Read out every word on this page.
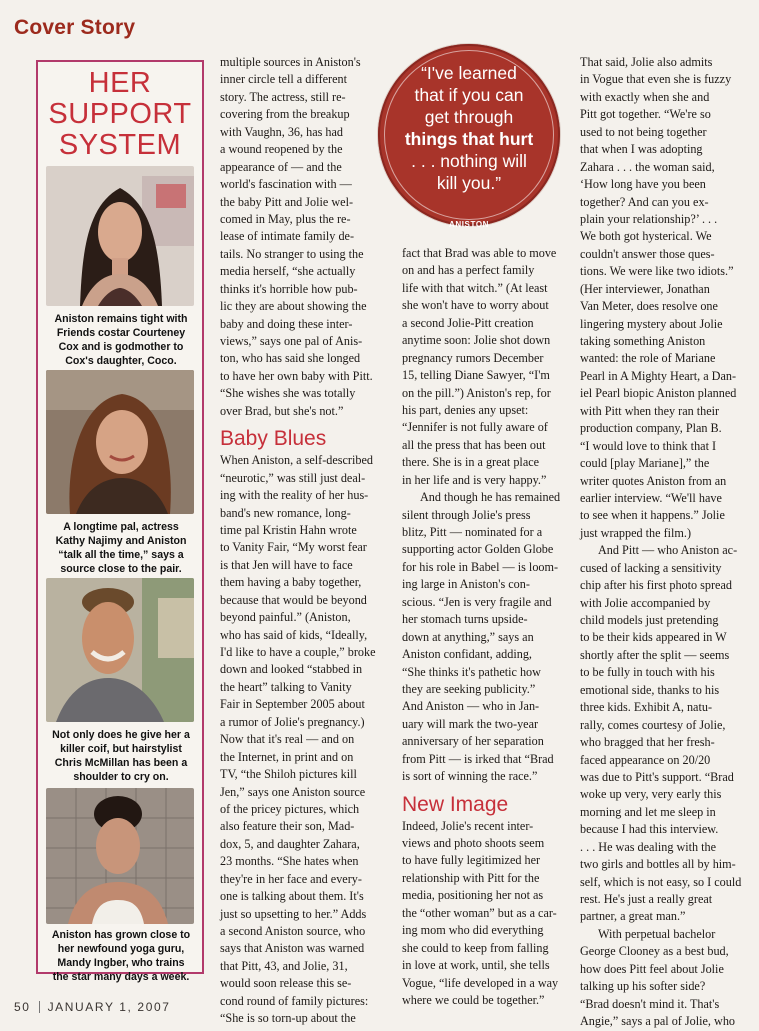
Cover Story
HER
SUPPORT
SYSTEM
Aniston remains tight with
Friends costar Courteney
Cox and is godmother to
Cox's daughter, Coco.
A longtime pal, actress
Kathy Najimy and Aniston
“talk all the time,” says a
source close to the pair.
Not only does he give her a
killer coif, but hairstylist
Chris McMillan has been a
shoulder to cry on.
Aniston has grown close to
her newfound yoga guru,
Mandy Ingber, who trains
the star many days a week.
multiple sources in Aniston's
inner circle tell a different
story. The actress, still re-
covering from the breakup
with Vaughn, 36, has had
a wound reopened by the
appearance of — and the
world's fascination with —
the baby Pitt and Jolie wel-
comed in May, plus the re-
lease of intimate family de-
tails. No stranger to using the
media herself, “she actually
thinks it's horrible how pub-
lic they are about showing the
baby and doing these inter-
views,” says one pal of Anis-
ton, who has said she longed
to have her own baby with Pitt.
“She wishes she was totally
over Brad, but she's not.”
Baby Blues
When Aniston, a self-described
“neurotic,” was still just deal-
ing with the reality of her hus-
band's new romance, long-
time pal Kristin Hahn wrote
to Vanity Fair, “My worst fear
is that Jen will have to face
them having a baby together,
because that would be beyond
beyond painful.” (Aniston,
who has said of kids, “Ideally,
I'd like to have a couple,” broke
down and looked “stabbed in
the heart” talking to Vanity
Fair in September 2005 about
a rumor of Jolie's pregnancy.)
Now that it's real — and on
the Internet, in print and on
TV, “the Shiloh pictures kill
Jen,” says one Aniston source
of the pricey pictures, which
also feature their son, Mad-
dox, 5, and daughter Zahara,
23 months. “She hates when
they're in her face and every-
one is talking about them. It's
just so upsetting to her.” Adds
a second Aniston source, who
says that Aniston was warned
that Pitt, 43, and Jolie, 31,
would soon release this se-
cond round of family pictures:
“She is so torn-up about the
“I've learned
that if you can
get through
things that hurt
. . . nothing will
kill you.”
ANISTON
fact that Brad was able to move
on and has a perfect family
life with that witch.” (At least
she won't have to worry about
a second Jolie-Pitt creation
anytime soon: Jolie shot down
pregnancy rumors December
15, telling Diane Sawyer, “I'm
on the pill.”) Aniston's rep, for
his part, denies any upset:
“Jennifer is not fully aware of
all the press that has been out
there. She is in a great place
in her life and is very happy.”
And though he has remained
silent through Jolie's press
blitz, Pitt — nominated for a
supporting actor Golden Globe
for his role in Babel — is loom-
ing large in Aniston's con-
scious. “Jen is very fragile and
her stomach turns upside-
down at anything,” says an
Aniston confidant, adding,
“She thinks it's pathetic how
they are seeking publicity.”
And Aniston — who in Jan-
uary will mark the two-year
anniversary of her separation
from Pitt — is irked that “Brad
is sort of winning the race.”
New Image
Indeed, Jolie's recent inter-
views and photo shoots seem
to have fully legitimized her
relationship with Pitt for the
media, positioning her not as
the “other woman” but as a car-
ing mom who did everything
she could to keep from falling
in love at work, until, she tells
Vogue, “life developed in a way
where we could be together.”
That said, Jolie also admits
in Vogue that even she is fuzzy
with exactly when she and
Pitt got together. “We're so
used to not being together
that when I was adopting
Zahara . . . the woman said,
‘How long have you been
together? And can you ex-
plain your relationship?’ . . .
We both got hysterical. We
couldn't answer those ques-
tions. We were like two idiots.”
(Her interviewer, Jonathan
Van Meter, does resolve one
lingering mystery about Jolie
taking something Aniston
wanted: the role of Mariane
Pearl in A Mighty Heart, a Dan-
iel Pearl biopic Aniston planned
with Pitt when they ran their
production company, Plan B.
“I would love to think that I
could [play Mariane],” the
writer quotes Aniston from an
earlier interview. “We'll have
to see when it happens.” Jolie
just wrapped the film.)
And Pitt — who Aniston ac-
cused of lacking a sensitivity
chip after his first photo spread
with Jolie accompanied by
child models just pretending
to be their kids appeared in W
shortly after the split — seems
to be fully in touch with his
emotional side, thanks to his
three kids. Exhibit A, natu-
rally, comes courtesy of Jolie,
who bragged that her fresh-
faced appearance on 20/20
was due to Pitt's support. “Brad
woke up very, very early this
morning and let me sleep in
because I had this interview.
. . . He was dealing with the
two girls and bottles all by him-
self, which is not easy, so I could
rest. He's just a really great
partner, a great man.”
With perpetual bachelor
George Clooney as a best bud,
how does Pitt feel about Jolie
talking up his softer side?
“Brad doesn't mind it. That's
Angie,” says a pal of Jolie, who
50 JANUARY 1, 2007
